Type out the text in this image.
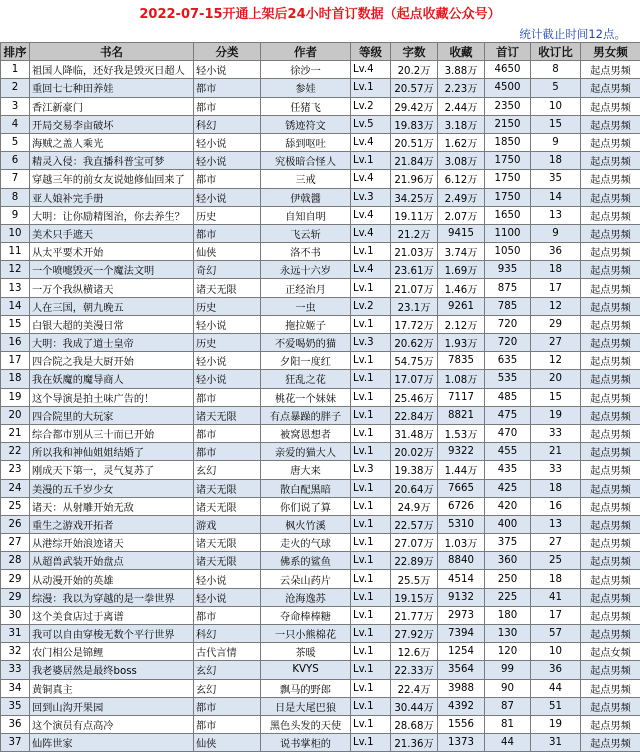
2022-07-15开通上架后24小时首订数据（起点收藏公众号）
统计截止时间12点。
排序	书名	分类	作者	等级	字数	收藏	首订	收订比	男女频
1	祖国人降临，还好我是毁灭日超人	轻小说	徐沙一	Lv.4	20.2万	3.88万	4650	8	起点男频
2	重回七七种田养娃	都市	参娃	Lv.1	20.57万	2.23万	4500	5	起点男频
3	香江新豪门	都市	任猪飞	Lv.2	29.42万	2.44万	2350	10	起点男频
4	开局交易李亩破坏	科幻	锈迹符文	Lv.5	19.83万	3.18万	2150	15	起点男频
5	海贼之盖人乘光	轻小说	舔到呕吐	Lv.4	20.51万	1.62万	1850	9	起点男频
6	精灵入侵：我直播科普宝可梦	轻小说	究极暗合怪人	Lv.1	21.84万	3.08万	1750	18	起点男频
7	穿越三年的前女友说她修仙回来了	都市	三戒	Lv.4	21.96万	6.12万	1750	35	起点男频
8	亚人娘补完手册	轻小说	伊戟醬	Lv.3	34.25万	2.49万	1750	14	起点男频
9	大明：让你励精图治，你去养生？	历史	自知自明	Lv.4	19.11万	2.07万	1650	13	起点男频
10	美术只手遮天	都市	飞云斩	Lv.4	21.2万	9415	1100	9	起点男频
11	从太平要术开始	仙侠	洛不书	Lv.1	21.03万	3.74万	1050	36	起点男频
12	一个喷嚏毁灭一个魔法文明	奇幻	永远十六岁	Lv.4	23.61万	1.69万	935	18	起点男频
13	一万个我纵横诸天	诸天无限	正经治月	Lv.1	21.07万	1.46万	875	17	起点男频
14	人在三国，朝九晚五	历史	一虫	Lv.2	23.1万	9261	785	12	起点男频
15	白银大超的美漫日常	轻小说	拖拉姬子	Lv.1	17.72万	2.12万	720	29	起点男频
16	大明：我成了道士皇帝	历史	不爱喝奶的猫	Lv.3	20.62万	1.93万	720	27	起点男频
17	四合院之我是大厨开始	轻小说	夕阳一度红	Lv.1	54.75万	7835	635	12	起点男频
18	我在妖魔的魔导商人	轻小说	狂乱之花	Lv.1	17.07万	1.08万	535	20	起点男频
19	这个导演是拍土味广告的！	都市	桃花一个妹妹	Lv.1	25.46万	7117	485	15	起点男频
20	四合院里的大玩家	诸天无限	有点暴躁的胖子	Lv.1	22.84万	8821	475	19	起点男频
21	综合都市别从三十而已开始	都市	被窝恩想者	Lv.1	31.48万	1.53万	470	33	起点男频
22	所以我和神仙姐姐结婚了	都市	亲爱的猫大人	Lv.1	20.02万	9322	455	21	起点男频
23	刚成天下第一，灵气复苏了	玄幻	唐大来	Lv.3	19.38万	1.44万	435	33	起点男频
24	美漫的五千岁少女	诸天无限	散白配黑暗	Lv.1	20.64万	7665	425	18	起点男频
25	诸天：从射雕开始无敌	诸天无限	你们说了算	Lv.1	24.9万	6726	420	16	起点男频
26	重生之游戏开拓者	游戏	枫火竹溪	Lv.1	22.57万	5310	400	13	起点男频
27	从港综开始浪迹诸天	诸天无限	走火的气球	Lv.1	27.07万	1.03万	375	27	起点男频
28	从超兽武装开始盘点	诸天无限	佛系的鲨鱼	Lv.1	22.89万	8840	360	25	起点男频
29	从动漫开始的英雄	轻小说	云朵山药片	Lv.1	25.5万	4514	250	18	起点男频
29	综漫：我以为穿越的是一拳世界	轻小说	沧海逸苏	Lv.1	19.15万	9132	225	41	起点男频
30	这个美食店过于离谱	都市	夺命棒棒糖	Lv.1	21.77万	2973	180	17	起点男频
31	我可以自由穿梭无数个平行世界	科幻	一只小熊棉花	Lv.1	27.92万	7394	130	57	起点男频
32	农门相公是锦鲤	古代言情	茶暖	Lv.1	12.6万	1254	120	10	起点女频
33	我老婆居然是最终boss	玄幻	KVYS	Lv.1	22.33万	3564	99	36	起点男频
34	黄铜真主	玄幻	飘马的野郎	Lv.1	22.4万	3988	90	44	起点男频
35	回到山沟开果园	都市	日是大尾巴狼	Lv.1	30.44万	4392	87	51	起点男频
36	这个演员有点高冷	都市	黑色头发的天使	Lv.1	28.68万	1556	81	19	起点男频
37	仙阵世家	仙侠	说书掌柜的	Lv.1	21.36万	1373	44	31	起点男频
